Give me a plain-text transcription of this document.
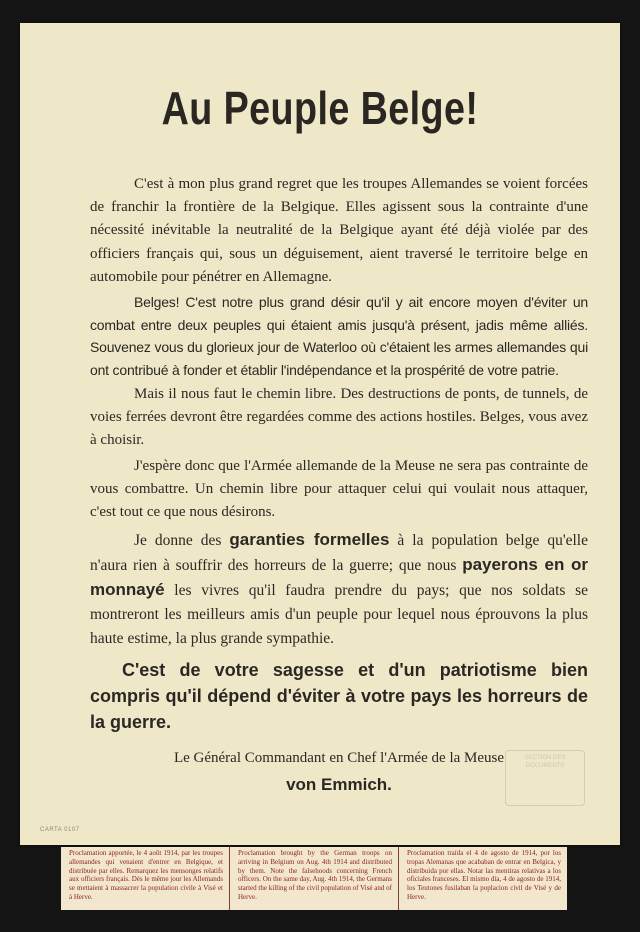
Au Peuple Belge!

C'est à mon plus grand regret que les troupes Allemandes se voient forcées de franchir la frontière de la Belgique. Elles agissent sous la contrainte d'une nécessité inévitable la neutralité de la Belgique ayant été déjà violée par des officiers français qui, sous un déguisement, aient traversé le territoire belge en automobile pour pénétrer en Allemagne.

Belges! C'est notre plus grand désir qu'il y ait encore moyen d'éviter un combat entre deux peuples qui étaient amis jusqu'à présent, jadis même alliés. Souvenez vous du glorieux jour de Waterloo où c'étaient les armes allemandes qui ont contribué à fonder et établir l'indépendance et la prospérité de votre patrie.

Mais il nous faut le chemin libre. Des destructions de ponts, de tunnels, de voies ferrées devront être regardées comme des actions hostiles. Belges, vous avez à choisir.

J'espère donc que l'Armée allemande de la Meuse ne sera pas contrainte de vous combattre. Un chemin libre pour attaquer celui qui voulait nous attaquer, c'est tout ce que nous désirons.

Je donne des garanties formelles à la population belge qu'elle n'aura rien à souffrir des horreurs de la guerre; que nous payerons en or monnayé les vivres qu'il faudra prendre du pays; que nos soldats se montreront les meilleurs amis d'un peuple pour lequel nous éprouvons la plus haute estime, la plus grande sympathie.

C'est de votre sagesse et d'un patriotisme bien compris qu'il dépend d'éviter à votre pays les horreurs de la guerre.

Le Général Commandant en Chef l'Armée de la Meuse
von Emmich.
SECTION DES DOCUMENTS
CARTA 0107
Proclamation apportée, le 4 août 1914, par les troupes allemandes qui venaient d'entrer en Belgique, et distribuée par elles. Remarquez les mensonges relatifs aux officiers français. Dès le même jour les Allemands se mettaient à massacrer la population civile à Visé et à Herve.
Proclamation brought by the German troops on arriving in Belgium on Aug. 4th 1914 and distributed by them. Note the falsehoods concerning French officers. On the same day, Aug. 4th 1914, the Germans started the killing of the civil population of Visé and of Herve.
Proclamation traída el 4 de agosto de 1914, por los tropas Alemanas que acababan de entrar en Belgica, y distribuida por ellas. Notar las mentiras relativas a los oficiales franceses. El mismo día, 4 de agosto de 1914, los Teutones fusilaban la poplacion civil de Visé y de Herve.
